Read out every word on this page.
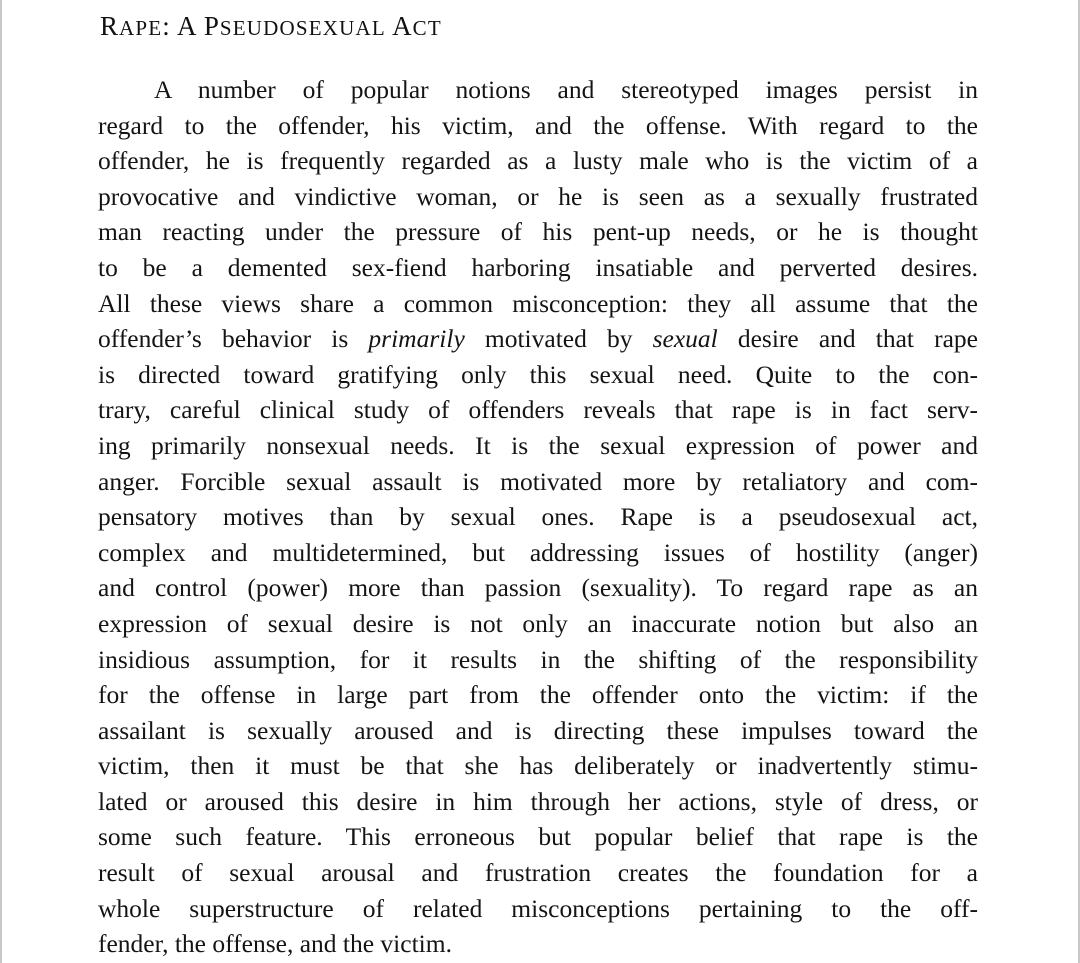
RAPE: A PSEUDOSEXUAL ACT
A number of popular notions and stereotyped images persist in
regard to the offender, his victim, and the offense. With regard to the
offender, he is frequently regarded as a lusty male who is the victim of a
provocative and vindictive woman, or he is seen as a sexually frustrated
man reacting under the pressure of his pent-up needs, or he is thought
to be a demented sex-fiend harboring insatiable and perverted desires.
All these views share a common misconception: they all assume that the
offender’s behavior is primarily motivated by sexual desire and that rape
is directed toward gratifying only this sexual need. Quite to the con-
trary, careful clinical study of offenders reveals that rape is in fact serv-
ing primarily nonsexual needs. It is the sexual expression of power and
anger. Forcible sexual assault is motivated more by retaliatory and com-
pensatory motives than by sexual ones. Rape is a pseudosexual act,
complex and multidetermined, but addressing issues of hostility (anger)
and control (power) more than passion (sexuality). To regard rape as an
expression of sexual desire is not only an inaccurate notion but also an
insidious assumption, for it results in the shifting of the responsibility
for the offense in large part from the offender onto the victim: if the
assailant is sexually aroused and is directing these impulses toward the
victim, then it must be that she has deliberately or inadvertently stimu-
lated or aroused this desire in him through her actions, style of dress, or
some such feature. This erroneous but popular belief that rape is the
result of sexual arousal and frustration creates the foundation for a
whole superstructure of related misconceptions pertaining to the off-
fender, the offense, and the victim.
